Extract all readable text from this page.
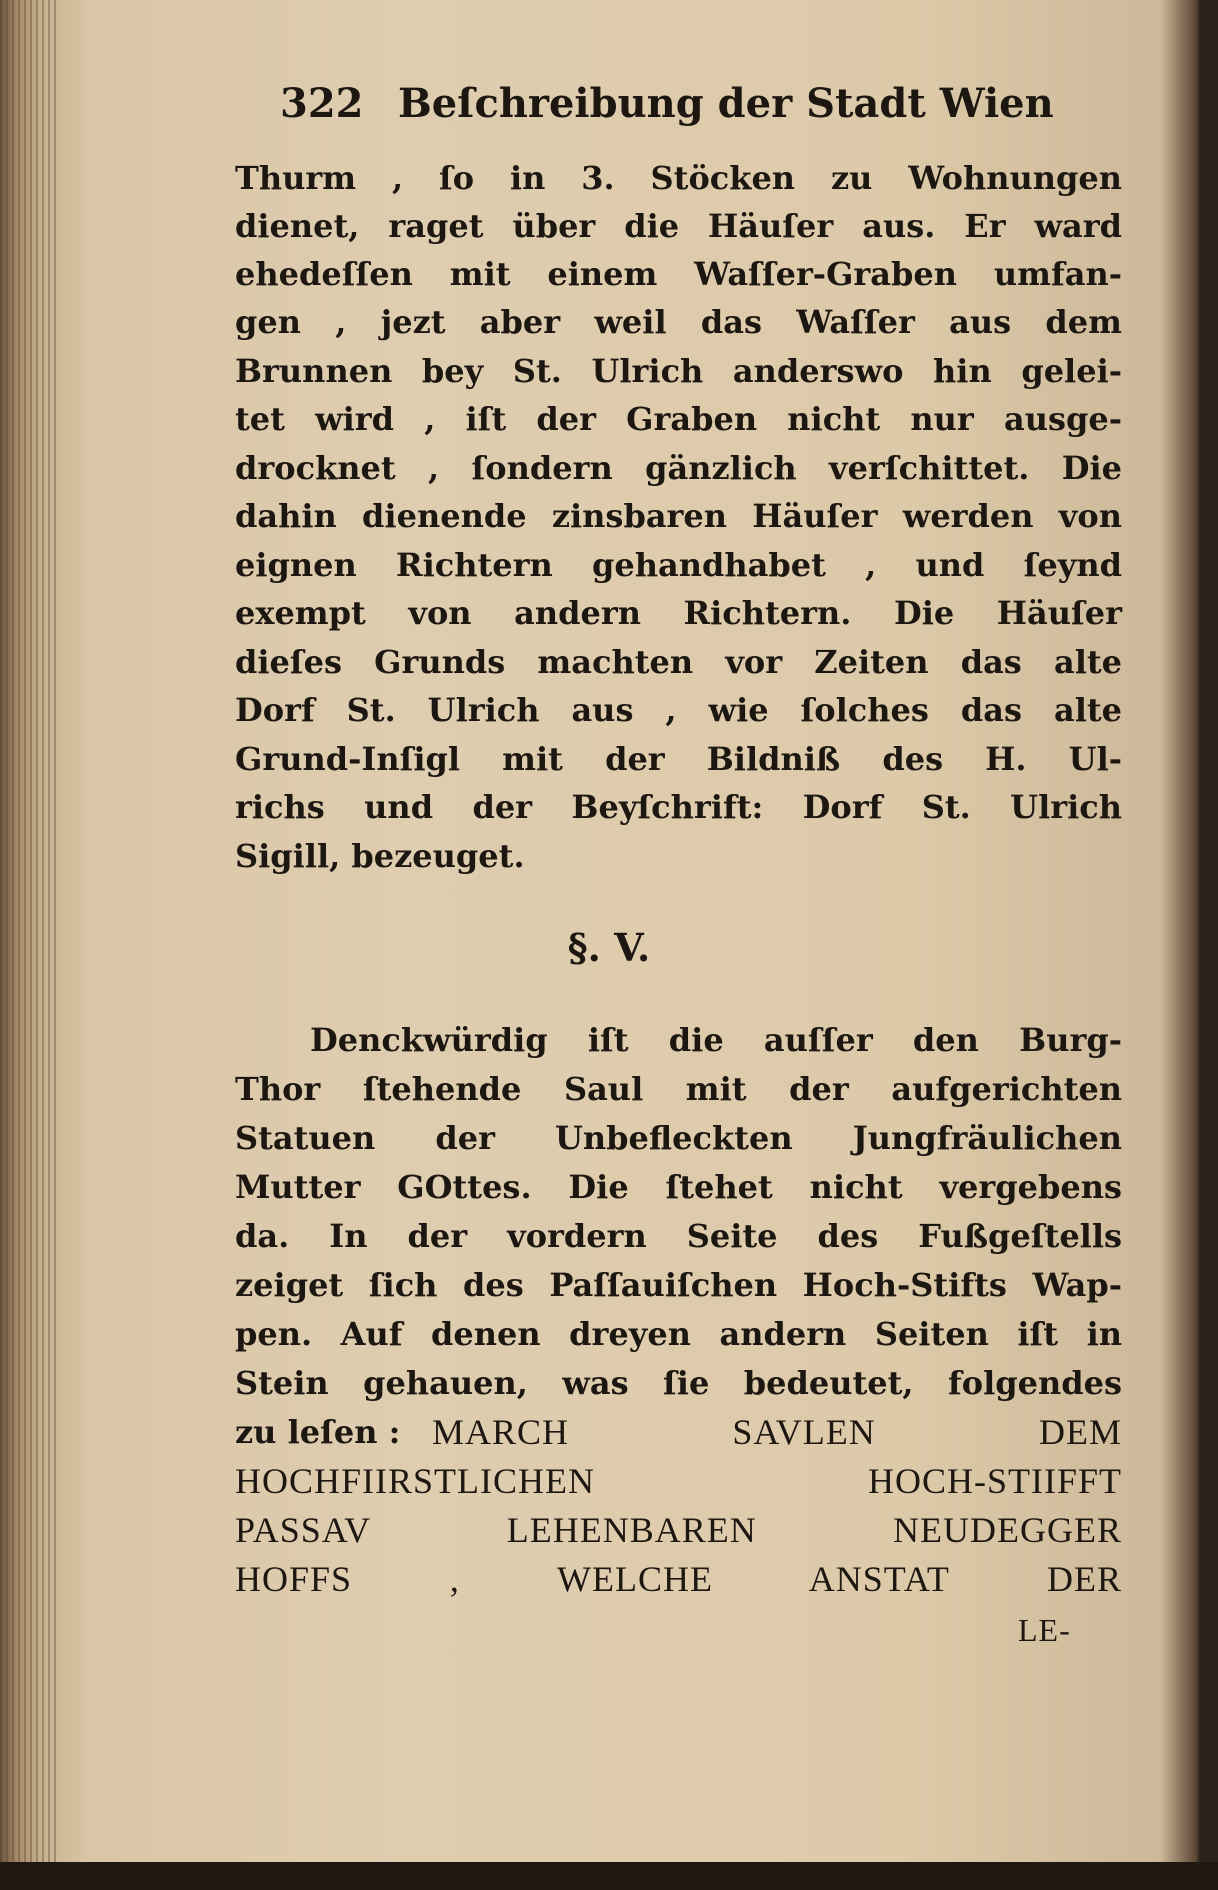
322 Beſchreibung der Stadt Wien
Thurm , ſo in 3. Stöcken zu Wohnungen
dienet, raget über die Häuſer aus. Er ward
ehedeſſen mit einem Waſſer-Graben umfan-
gen , jezt aber weil das Waſſer aus dem
Brunnen bey St. Ulrich anderswo hin gelei-
tet wird , iſt der Graben nicht nur ausge-
drocknet , ſondern gänzlich verſchittet. Die
dahin dienende zinsbaren Häuſer werden von
eignen Richtern gehandhabet , und ſeynd
exempt von andern Richtern. Die Häuſer
dieſes Grunds machten vor Zeiten das alte
Dorf St. Ulrich aus , wie ſolches das alte
Grund-Inſigl mit der Bildniß des H. Ul-
richs und der Beyſchrift: Dorf St. Ulrich
Sigill, bezeuget.
§. V.
Denckwürdig iſt die auſſer den Burg-
Thor ſtehende Saul mit der aufgerichten
Statuen der Unbefleckten Jungfräulichen
Mutter GOttes. Die ſtehet nicht vergebens
da. In der vordern Seite des Fußgeſtells
zeiget ſich des Paſſauiſchen Hoch-Stifts Wap-
pen. Auf denen dreyen andern Seiten iſt in
Stein gehauen, was ſie bedeutet, folgendes
zu leſen : MARCH SAVLEN DEM
HOCHFIIRSTLICHEN HOCH-STIIFFT
PASSAV LEHENBAREN NEUDEGGER
HOFFS , WELCHE ANSTAT DER
LE-
